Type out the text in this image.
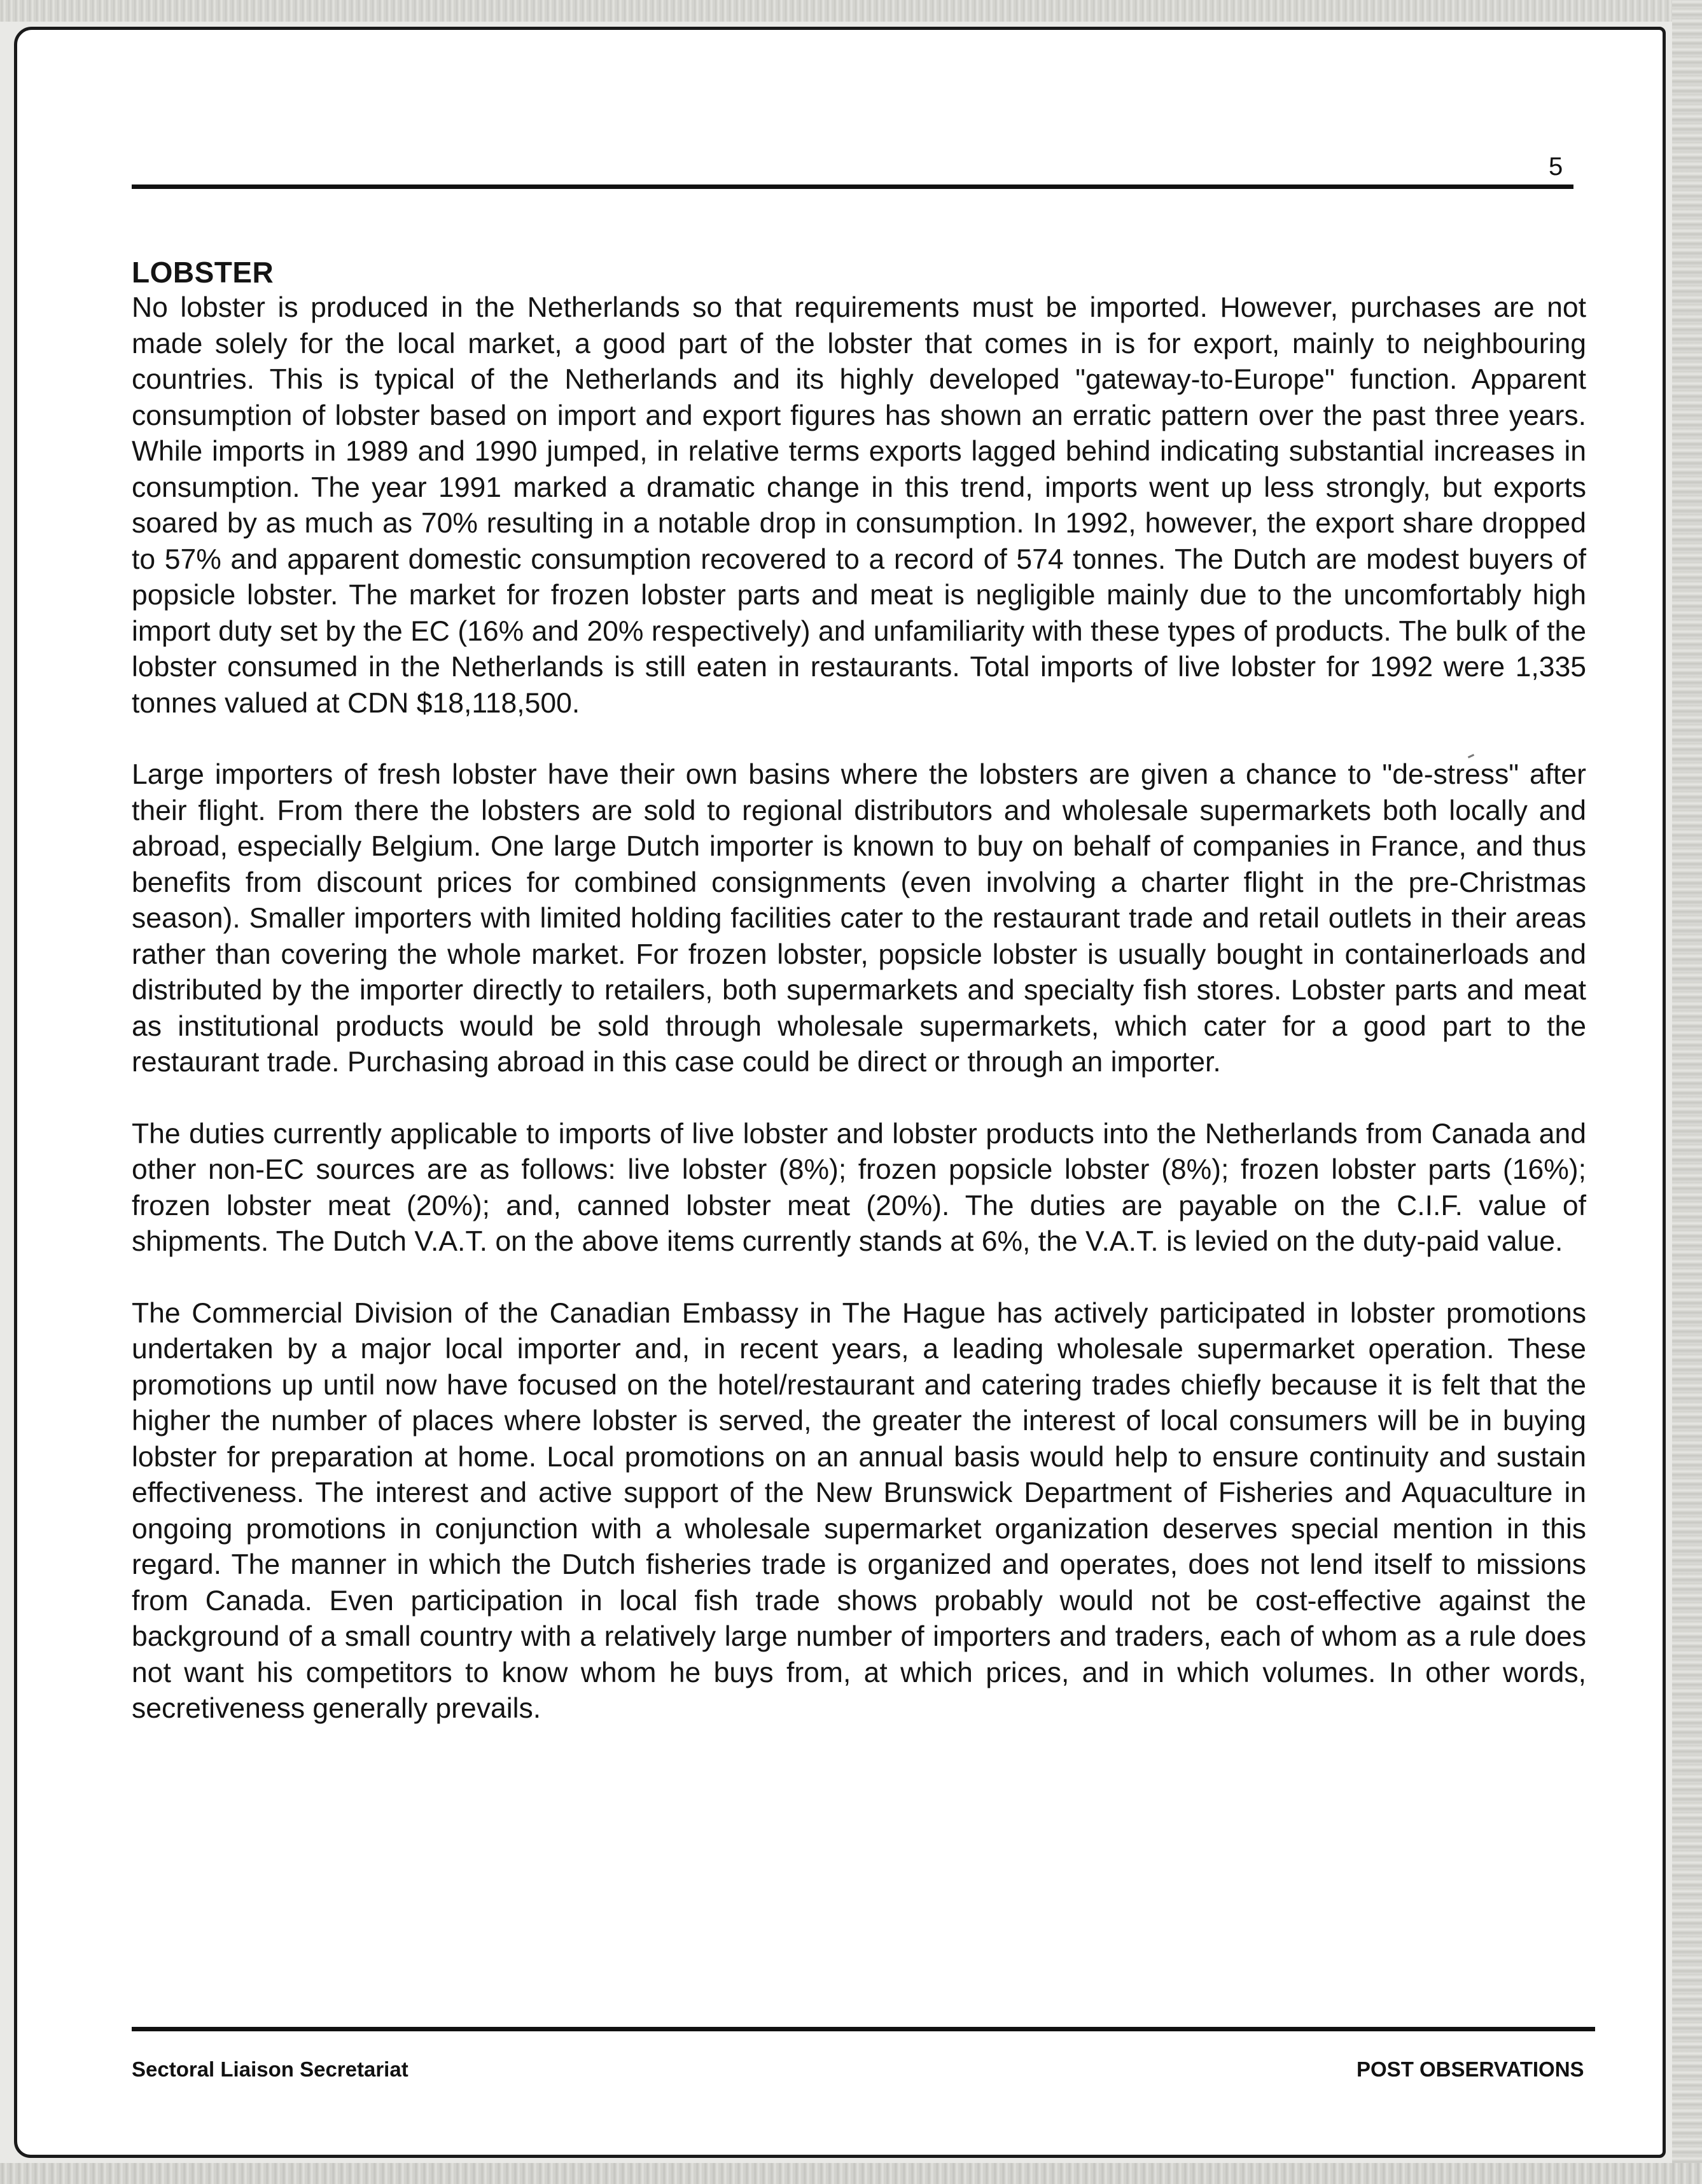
5
LOBSTER

No lobster is produced in the Netherlands so that requirements must be imported. However, purchases are not made solely for the local market, a good part of the lobster that comes in is for export, mainly to neighbouring countries. This is typical of the Netherlands and its highly developed "gateway-to-Europe" function. Apparent consumption of lobster based on import and export figures has shown an erratic pattern over the past three years. While imports in 1989 and 1990 jumped, in relative terms exports lagged behind indicating substantial increases in consumption. The year 1991 marked a dramatic change in this trend, imports went up less strongly, but exports soared by as much as 70% resulting in a notable drop in consumption. In 1992, however, the export share dropped to 57% and apparent domestic consumption recovered to a record of 574 tonnes. The Dutch are modest buyers of popsicle lobster. The market for frozen lobster parts and meat is negligible mainly due to the uncomfortably high import duty set by the EC (16% and 20% respectively) and unfamiliarity with these types of products. The bulk of the lobster consumed in the Netherlands is still eaten in restaurants. Total imports of live lobster for 1992 were 1,335 tonnes valued at CDN $18,118,500.

Large importers of fresh lobster have their own basins where the lobsters are given a chance to "de-stress" after their flight. From there the lobsters are sold to regional distributors and wholesale supermarkets both locally and abroad, especially Belgium. One large Dutch importer is known to buy on behalf of companies in France, and thus benefits from discount prices for combined consignments (even involving a charter flight in the pre-Christmas season). Smaller importers with limited holding facilities cater to the restaurant trade and retail outlets in their areas rather than covering the whole market. For frozen lobster, popsicle lobster is usually bought in containerloads and distributed by the importer directly to retailers, both supermarkets and specialty fish stores. Lobster parts and meat as institutional products would be sold through wholesale supermarkets, which cater for a good part to the restaurant trade. Purchasing abroad in this case could be direct or through an importer.

The duties currently applicable to imports of live lobster and lobster products into the Netherlands from Canada and other non-EC sources are as follows: live lobster (8%); frozen popsicle lobster (8%); frozen lobster parts (16%); frozen lobster meat (20%); and, canned lobster meat (20%). The duties are payable on the C.I.F. value of shipments. The Dutch V.A.T. on the above items currently stands at 6%, the V.A.T. is levied on the duty-paid value.

The Commercial Division of the Canadian Embassy in The Hague has actively participated in lobster promotions undertaken by a major local importer and, in recent years, a leading wholesale supermarket operation. These promotions up until now have focused on the hotel/restaurant and catering trades chiefly because it is felt that the higher the number of places where lobster is served, the greater the interest of local consumers will be in buying lobster for preparation at home. Local promotions on an annual basis would help to ensure continuity and sustain effectiveness. The interest and active support of the New Brunswick Department of Fisheries and Aquaculture in ongoing promotions in conjunction with a wholesale supermarket organization deserves special mention in this regard. The manner in which the Dutch fisheries trade is organized and operates, does not lend itself to missions from Canada. Even participation in local fish trade shows probably would not be cost-effective against the background of a small country with a relatively large number of importers and traders, each of whom as a rule does not want his competitors to know whom he buys from, at which prices, and in which volumes. In other words, secretiveness generally prevails.

Sectoral Liaison Secretariat	POST OBSERVATIONS
